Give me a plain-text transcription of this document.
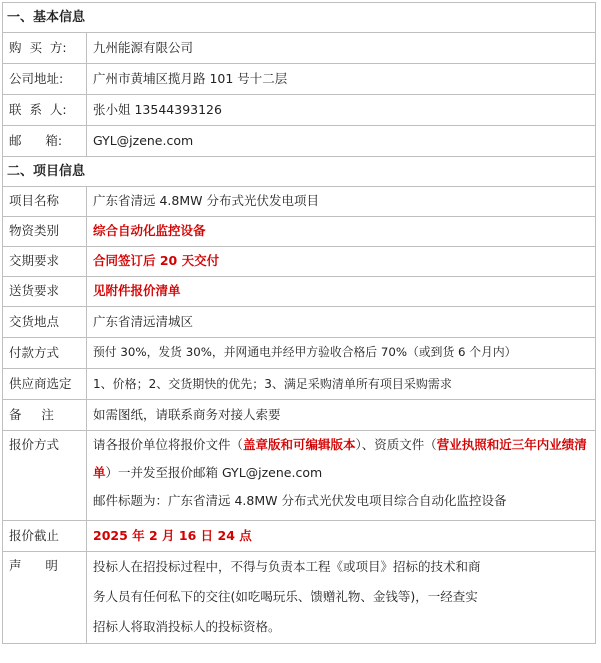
一、基本信息	
购  买  方:	九州能源有限公司
公司地址:	广州市黄埔区揽月路 101 号十二层
联  系  人:	张小姐 13544393126
邮      箱:	GYL@jzene.com
二、项目信息	
项目名称	广东省清远 4.8MW 分布式光伏发电项目
物资类别	综合自动化监控设备
交期要求	合同签订后 20 天交付
送货要求	见附件报价清单
交货地点	广东省清远清城区
付款方式	预付 30%，发货 30%，并网通电并经甲方验收合格后 70%（或到货 6 个月内）
供应商选定	1、价格；2、交货期快的优先；3、满足采购清单所有项目采购需求
备     注	如需图纸，请联系商务对接人索要
报价方式	请各报价单位将报价文件（盖章版和可编辑版本）、资质文件（营业执照和近三年内业绩清单）一并发至报价邮箱 GYL@jzene.com
邮件标题为：广东省清远 4.8MW 分布式光伏发电项目综合自动化监控设备

报价截止	2025 年 2 月 16 日 24 点
声      明	投标人在招投标过程中，不得与负责本工程《或项目》招标的技术和商
务人员有任何私下的交往(如吃喝玩乐、馈赠礼物、金钱等)，一经查实
招标人将取消投标人的投标资格。
